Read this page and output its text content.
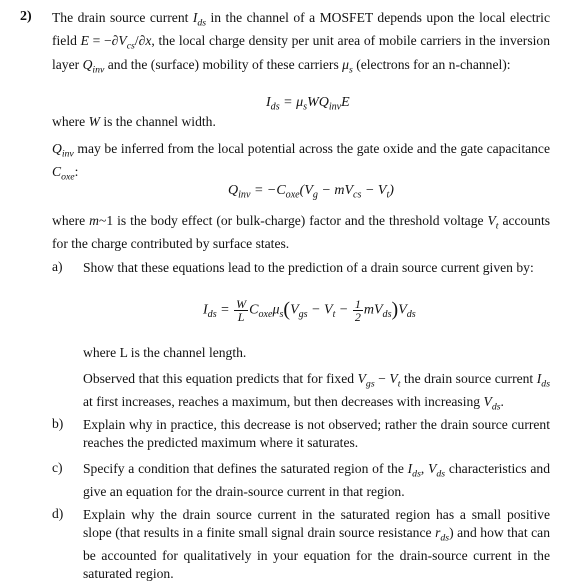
2) The drain source current $I_{ds}$ in the channel of a MOSFET depends upon the local electric field $E = -\partial V_{cs}/\partial x$, the local charge density per unit area of mobile carriers in the inversion layer $Q_{inv}$ and the (surface) mobility of these carriers $\mu_s$ (electrons for an n-channel):
$I_{ds} = \mu_sWQ_{inv}E$
where W is the channel width.
$Q_{inv}$ may be inferred from the local potential across the gate oxide and the gate capacitance $C_{oxe}$:
$Q_{inv} = -C_{oxe}(V_g - mV_{cs} - V_t)$
where m~1 is the body effect (or bulk-charge) factor and the threshold voltage $V_t$ accounts for the charge contributed by surface states.
a) Show that these equations lead to the prediction of a drain source current given by:
$I_{ds} = \frac{W}{L} C_{oxe}\mu_s(V_{gs} - V_t - \frac{1}{2} mV_{ds})V_{ds}$
where L is the channel length.
Observed that this equation predicts that for fixed $V_{gs} - V_t$ the drain source current $I_{ds}$ at first increases, reaches a maximum, but then decreases with increasing $V_{ds}$.
b) Explain why in practice, this decrease is not observed; rather the drain source current reaches the predicted maximum where it saturates.
c) Specify a condition that defines the saturated region of the $I_{ds}$, $V_{ds}$ characteristics and give an equation for the drain-source current in that region.
d) Explain why the drain source current in the saturated region has a small positive slope (that results in a finite small signal drain source resistance $r_{ds}$) and how that can be accounted for qualitatively in your equation for the drain-source current in the saturated region.
